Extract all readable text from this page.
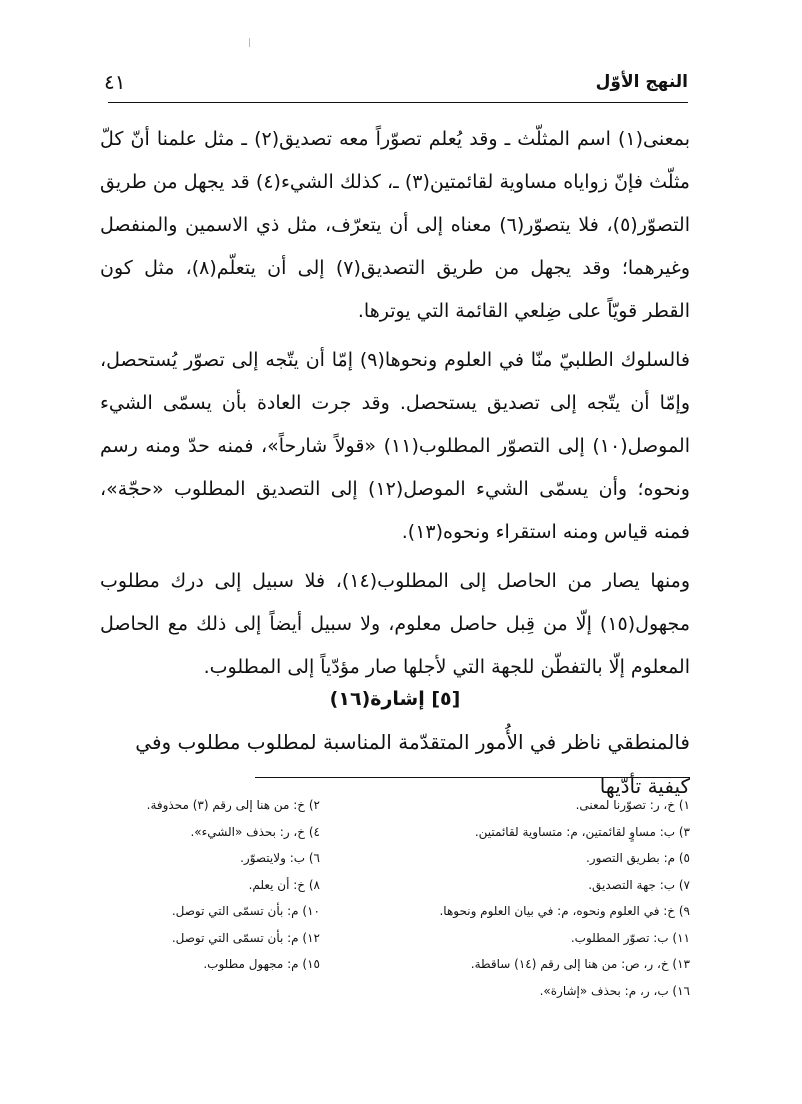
النهج الأوّل
٤١

بمعنى(١) اسم المثلّث ـ وقد يُعلم تصوّراً معه تصديق(٢) ـ مثل علمنا أنّ كلّ مثلّث فإنّ زواياه مساوية لقائمتين(٣) ـ، كذلك الشيء(٤) قد يجهل من طريق التصوّر(٥)، فلا يتصوّر(٦) معناه إلى أن يتعرّف، مثل ذي الاسمين والمنفصل وغيرهما؛ وقد يجهل من طريق التصديق(٧) إلى أن يتعلّم(٨)، مثل كون القطر قويّاً على ضِلعي القائمة التي يوترها.

فالسلوك الطلبيّ منّا في العلوم ونحوها(٩) إمّا أن يتّجه إلى تصوّر يُستحصل، وإمّا أن يتّجه إلى تصديق يستحصل. وقد جرت العادة بأن يسمّى الشيء الموصل(١٠) إلى التصوّر المطلوب(١١) «قولاً شارحاً»، فمنه حدّ ومنه رسم ونحوه؛ وأن يسمّى الشيء الموصل(١٢) إلى التصديق المطلوب «حجّة»، فمنه قياس ومنه استقراء ونحوه(١٣).

ومنها يصار من الحاصل إلى المطلوب(١٤)، فلا سبيل إلى درك مطلوب مجهول(١٥) إلّا من قِبل حاصل معلوم، ولا سبيل أيضاً إلى ذلك مع الحاصل المعلوم إلّا بالتفطّن للجهة التي لأجلها صار مؤدّياً إلى المطلوب.

[٥] إشارة(١٦)
فالمنطقي ناظر في الأُمور المتقدّمة المناسبة لمطلوب مطلوب وفي كيفية تأدّيها
١) خ، ر: تصوّرنا لمعنى.
٣) ب: مساوٍ لقائمتين، م: متساوية لقائمتين.
٥) م: بطريق التصور.
٧) ب: جهة التصديق.
٩) خ: في العلوم ونحوه، م: في بيان العلوم ونحوها.
١١) ب: تصوّر المطلوب.
١٣) خ، ر، ص: من هنا إلى رقم (١٤) ساقطة.
١٦) ب، ر، م: بحذف «إشارة».
٢) خ: من هنا إلى رقم (٣) محذوفة.
٤) خ، ر: بحذف «الشيء».
٦) ب: ولايتصوّر.
٨) خ: أن يعلم.
١٠) م: بأن تسمّى التي توصل.
١٢) م: بأن تسمّى التي توصل.
١٥) م: مجهول مطلوب.
